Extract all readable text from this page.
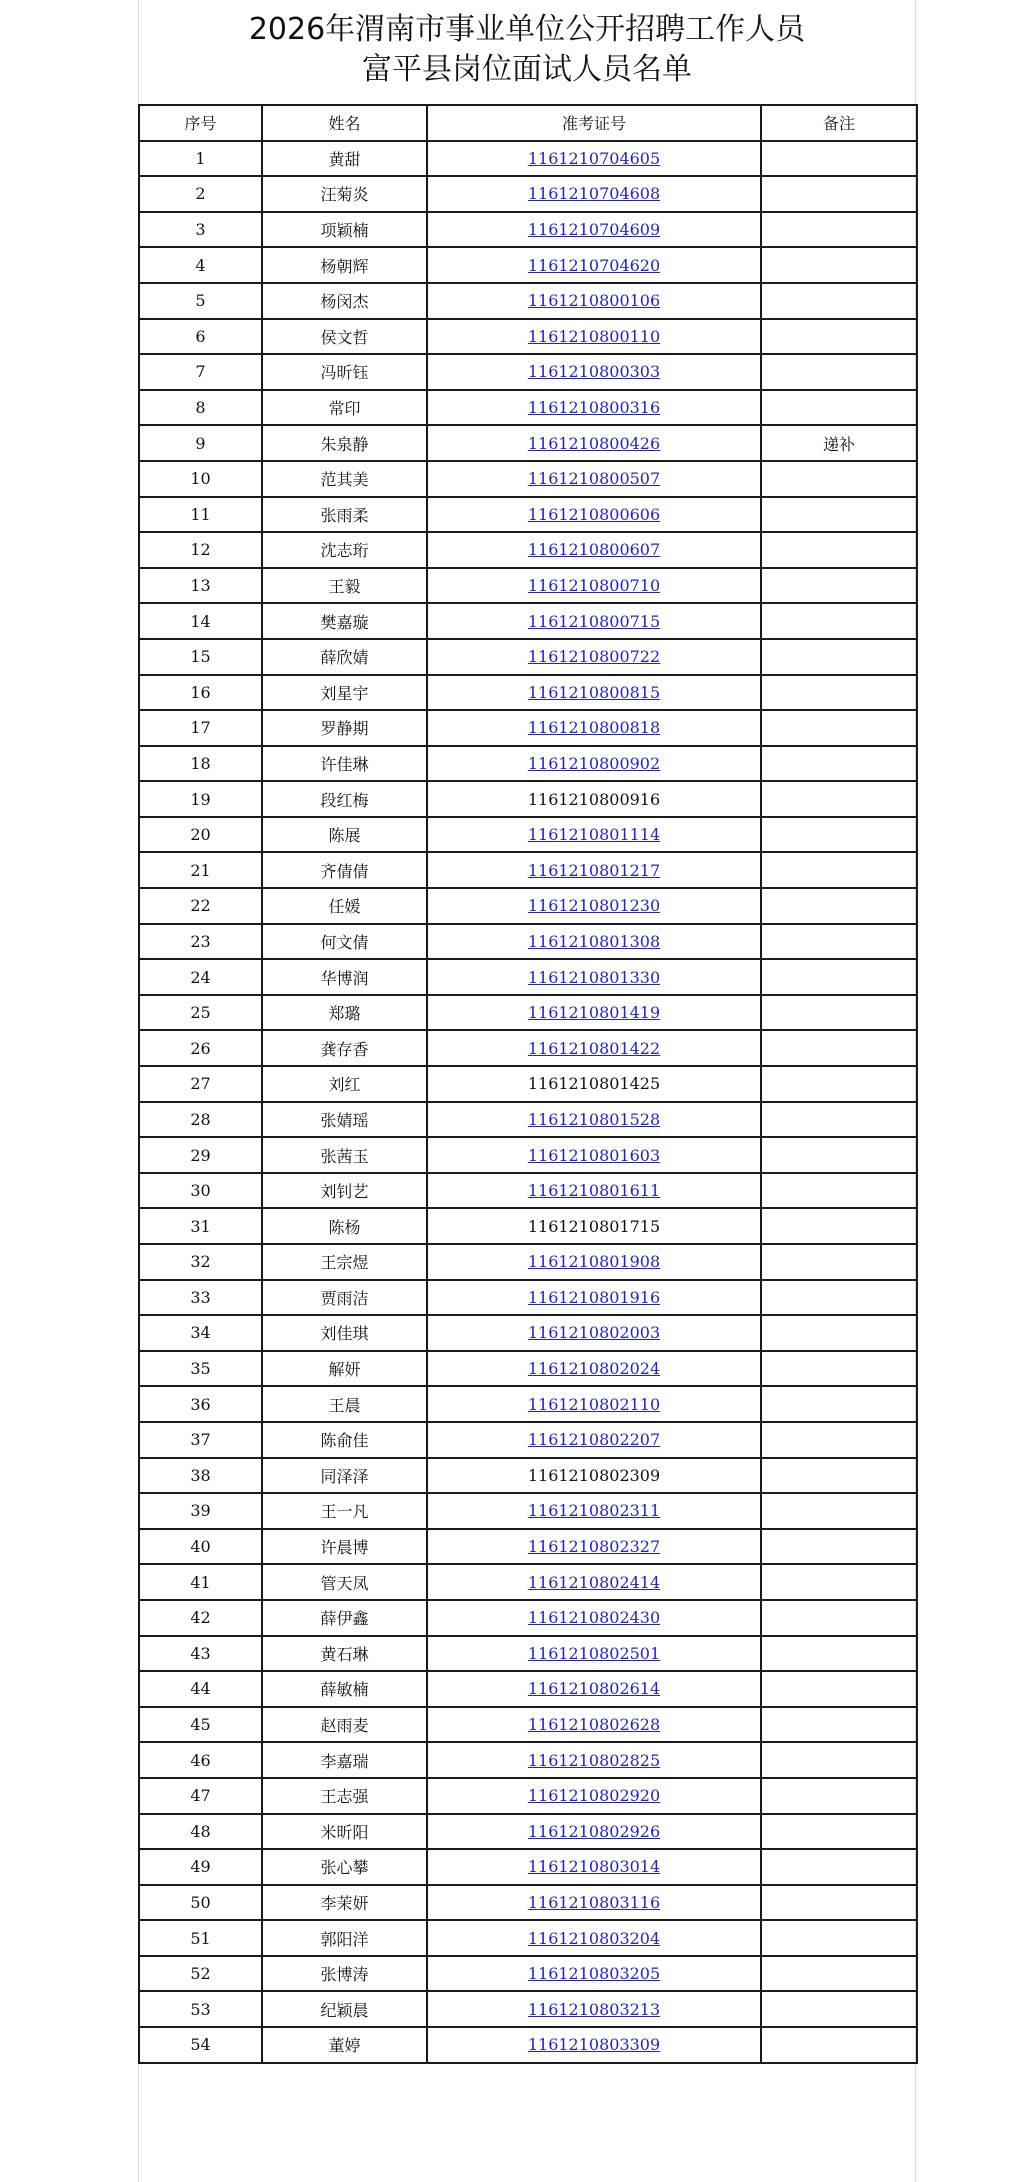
2026年渭南市事业单位公开招聘工作人员
富平县岗位面试人员名单
序号	姓名	准考证号	备注
1	黄甜	1161210704605	
2	汪菊炎	1161210704608	
3	项颖楠	1161210704609	
4	杨朝辉	1161210704620	
5	杨闵杰	1161210800106	
6	侯文哲	1161210800110	
7	冯昕钰	1161210800303	
8	常印	1161210800316	
9	朱泉静	1161210800426	递补
10	范其美	1161210800507	
11	张雨柔	1161210800606	
12	沈志珩	1161210800607	
13	王毅	1161210800710	
14	樊嘉璇	1161210800715	
15	薛欣婧	1161210800722	
16	刘星宇	1161210800815	
17	罗静期	1161210800818	
18	许佳琳	1161210800902	
19	段红梅	1161210800916	
20	陈展	1161210801114	
21	齐倩倩	1161210801217	
22	任媛	1161210801230	
23	何文倩	1161210801308	
24	华博润	1161210801330	
25	郑璐	1161210801419	
26	龚存香	1161210801422	
27	刘红	1161210801425	
28	张婧瑶	1161210801528	
29	张茜玉	1161210801603	
30	刘钊艺	1161210801611	
31	陈杨	1161210801715	
32	王宗煜	1161210801908	
33	贾雨洁	1161210801916	
34	刘佳琪	1161210802003	
35	解妍	1161210802024	
36	王晨	1161210802110	
37	陈俞佳	1161210802207	
38	同泽泽	1161210802309	
39	王一凡	1161210802311	
40	许晨博	1161210802327	
41	管天凤	1161210802414	
42	薛伊鑫	1161210802430	
43	黄石琳	1161210802501	
44	薛敏楠	1161210802614	
45	赵雨麦	1161210802628	
46	李嘉瑞	1161210802825	
47	王志强	1161210802920	
48	米昕阳	1161210802926	
49	张心攀	1161210803014	
50	李茉妍	1161210803116	
51	郭阳洋	1161210803204	
52	张博涛	1161210803205	
53	纪颖晨	1161210803213	
54	董婷	1161210803309	
